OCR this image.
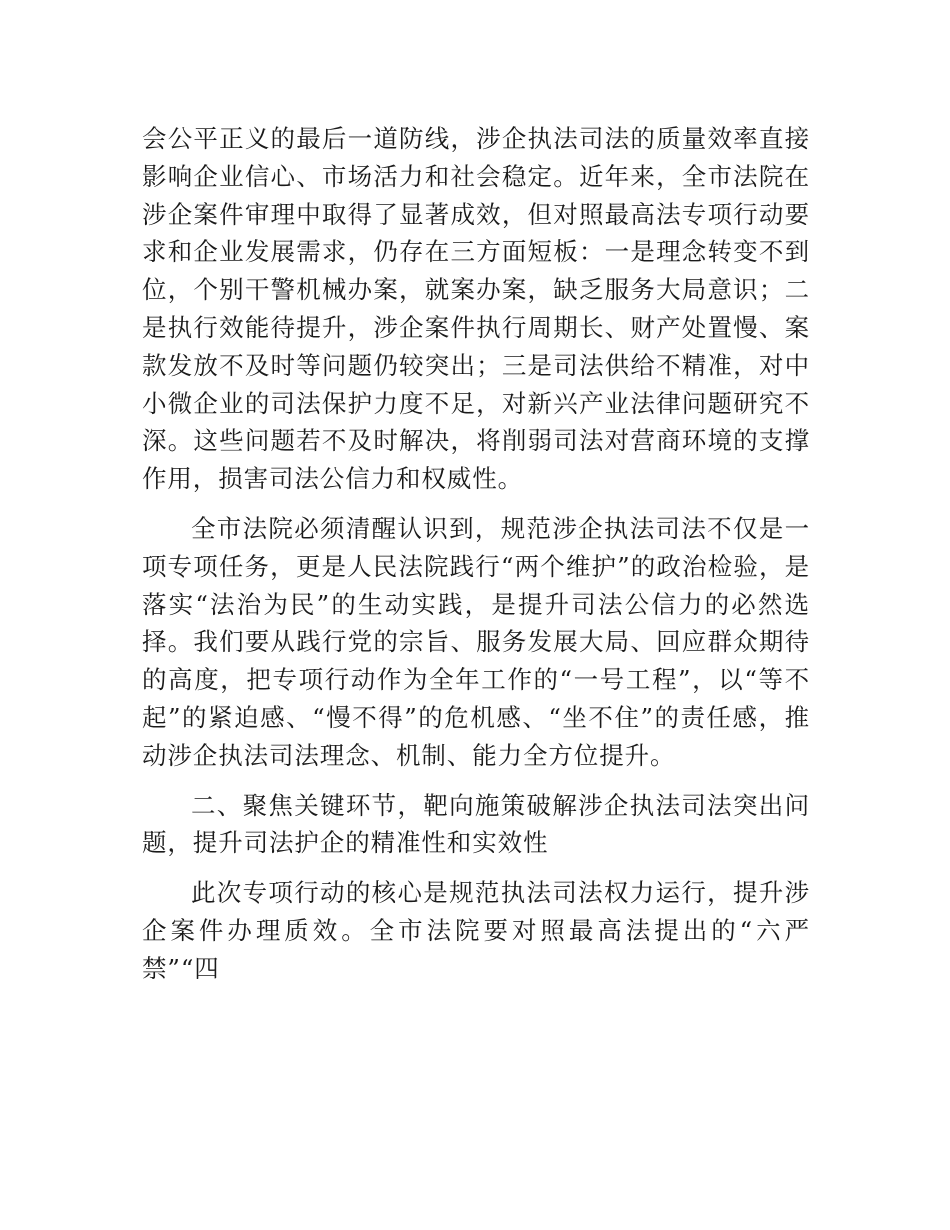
会公平正义的最后一道防线，涉企执法司法的质量效率直接影响企业信心、市场活力和社会稳定。近年来，全市法院在涉企案件审理中取得了显著成效，但对照最高法专项行动要求和企业发展需求，仍存在三方面短板：一是理念转变不到位，个别干警机械办案，就案办案，缺乏服务大局意识；二是执行效能待提升，涉企案件执行周期长、财产处置慢、案款发放不及时等问题仍较突出；三是司法供给不精准，对中小微企业的司法保护力度不足，对新兴产业法律问题研究不深。这些问题若不及时解决，将削弱司法对营商环境的支撑作用，损害司法公信力和权威性。

全市法院必须清醒认识到，规范涉企执法司法不仅是一项专项任务，更是人民法院践行“两个维护”的政治检验，是落实“法治为民”的生动实践，是提升司法公信力的必然选择。我们要从践行党的宗旨、服务发展大局、回应群众期待的高度，把专项行动作为全年工作的“一号工程”，以“等不起”的紧迫感、“慢不得”的危机感、“坐不住”的责任感，推动涉企执法司法理念、机制、能力全方位提升。

二、聚焦关键环节，靶向施策破解涉企执法司法突出问题，提升司法护企的精准性和实效性

此次专项行动的核心是规范执法司法权力运行，提升涉企案件办理质效。全市法院要对照最高法提出的“六严禁”“四
